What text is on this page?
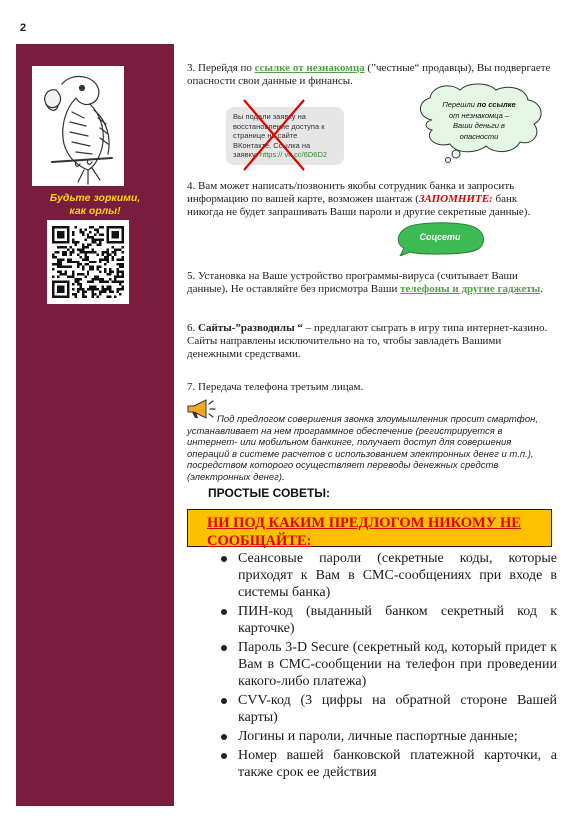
2
Будьте зоркими,
как орлы!

3. Перейдя по ссылке от незнакомца (”честные“ продавцы), Вы подвергаете опасности свои данные и финансы.

Вы подали заявку на восстановление доступа к странице на сайте ВКонтакте. Ссылка на заявку: https:// vk.cc/6D6D2
Перешли по ссылке
от незнакомца –
Ваши деньги в
опасности

4. Вам может написать/позвонить якобы сотрудник банка и запросить информацию по вашей карте, возможен шантаж (ЗАПОМНИТЕ: банк никогда не будет запрашивать Ваши пароли и другие секретные данные).

Соцсети

5. Установка на Ваше устройство программы-вируса (считывает Ваши данные). Не оставляйте без присмотра Ваши телефоны и другие гаджеты.

6. Сайты-”разводилы “ – предлагают сыграть в игру типа интернет-казино. Сайты направлены исключительно на то, чтобы завладеть Вашими денежными средствами.

7. Передача телефона третьим лицам.

Под предлогом совершения звонка злоумышленник просит смартфон, устанавливает на нем программное обеспечение (регистрируется в интернет- или мобильном банкинге, получает доступ для совершения операций в системе расчетов с использованием электронных денег и т.п.), посредством которого осуществляет переводы денежных средств (электронных денег).

ПРОСТЫЕ СОВЕТЫ:
НИ ПОД КАКИМ ПРЕДЛОГОМ НИКОМУ НЕ СООБЩАЙТЕ:
Сеансовые пароли (секретные коды, которые приходят к Вам в СМС-сообщениях при входе в системы банка)
ПИН-код (выданный банком секретный код к карточке)
Пароль 3-D Secure (секретный код, который придет к Вам в СМС-сообщении на телефон при проведении какого-либо платежа)
CVV-код (3 цифры на обратной стороне Вашей карты)
Логины и пароли, личные паспортные данные;
Номер вашей банковской платежной карточки, а также срок ее действия
